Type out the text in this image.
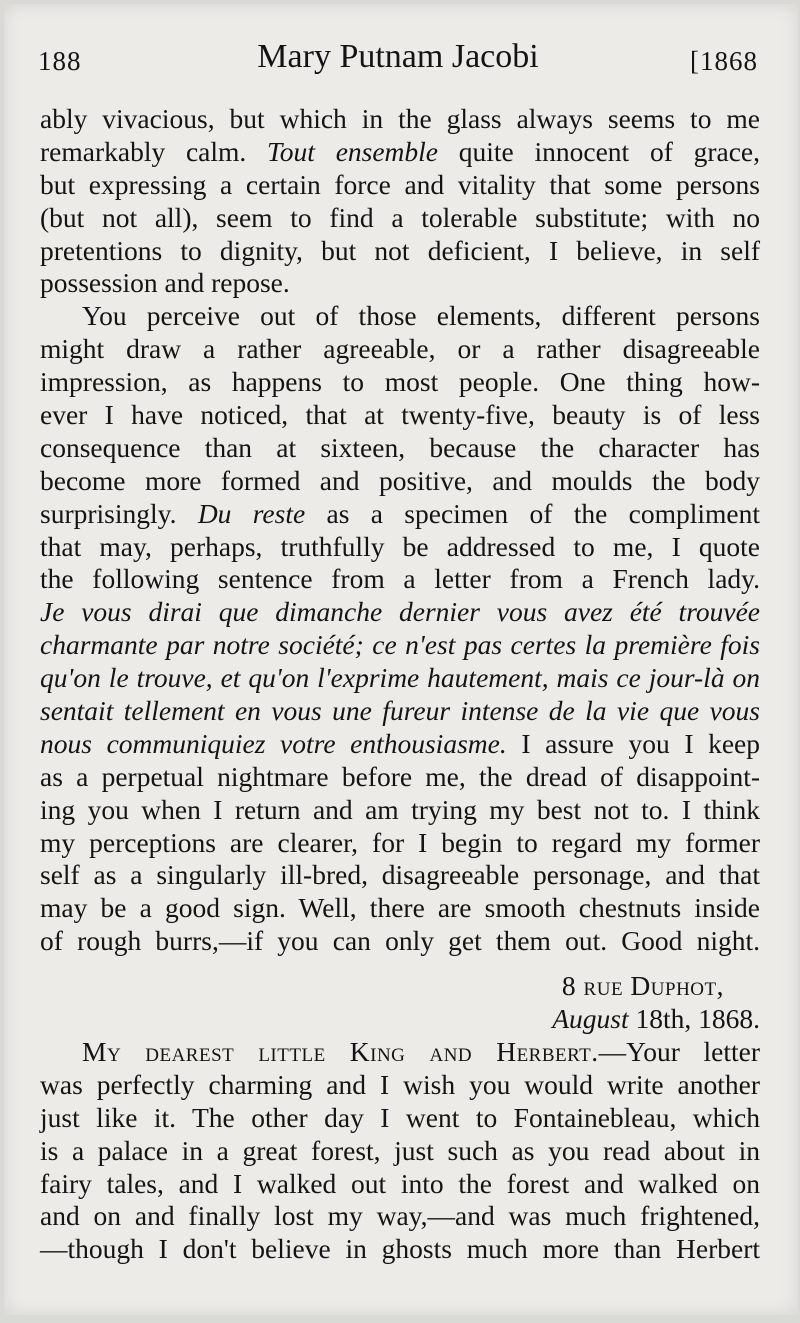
188	Mary Putnam Jacobi	[1868
ably vivacious, but which in the glass always seems to me
remarkably calm. Tout ensemble quite innocent of grace,
but expressing a certain force and vitality that some persons
(but not all), seem to find a tolerable substitute; with no
pretentions to dignity, but not deficient, I believe, in self
possession and repose.
You perceive out of those elements, different persons
might draw a rather agreeable, or a rather disagreeable
impression, as happens to most people. One thing how-
ever I have noticed, that at twenty-five, beauty is of less
consequence than at sixteen, because the character has
become more formed and positive, and moulds the body
surprisingly. Du reste as a specimen of the compliment
that may, perhaps, truthfully be addressed to me, I quote
the following sentence from a letter from a French lady.
Je vous dirai que dimanche dernier vous avez été trouvée
charmante par notre société; ce n'est pas certes la première fois
qu'on le trouve, et qu'on l'exprime hautement, mais ce jour-là on
sentait tellement en vous une fureur intense de la vie que vous
nous communiquiez votre enthousiasme. I assure you I keep
as a perpetual nightmare before me, the dread of disappoint-
ing you when I return and am trying my best not to. I think
my perceptions are clearer, for I begin to regard my former
self as a singularly ill-bred, disagreeable personage, and that
may be a good sign. Well, there are smooth chestnuts inside
of rough burrs,—if you can only get them out. Good night.
8 rue Duphot,
August 18th, 1868.
My dearest little King and Herbert.—Your letter
was perfectly charming and I wish you would write another
just like it. The other day I went to Fontainebleau, which
is a palace in a great forest, just such as you read about in
fairy tales, and I walked out into the forest and walked on
and on and finally lost my way,—and was much frightened,
—though I don't believe in ghosts much more than Herbert
